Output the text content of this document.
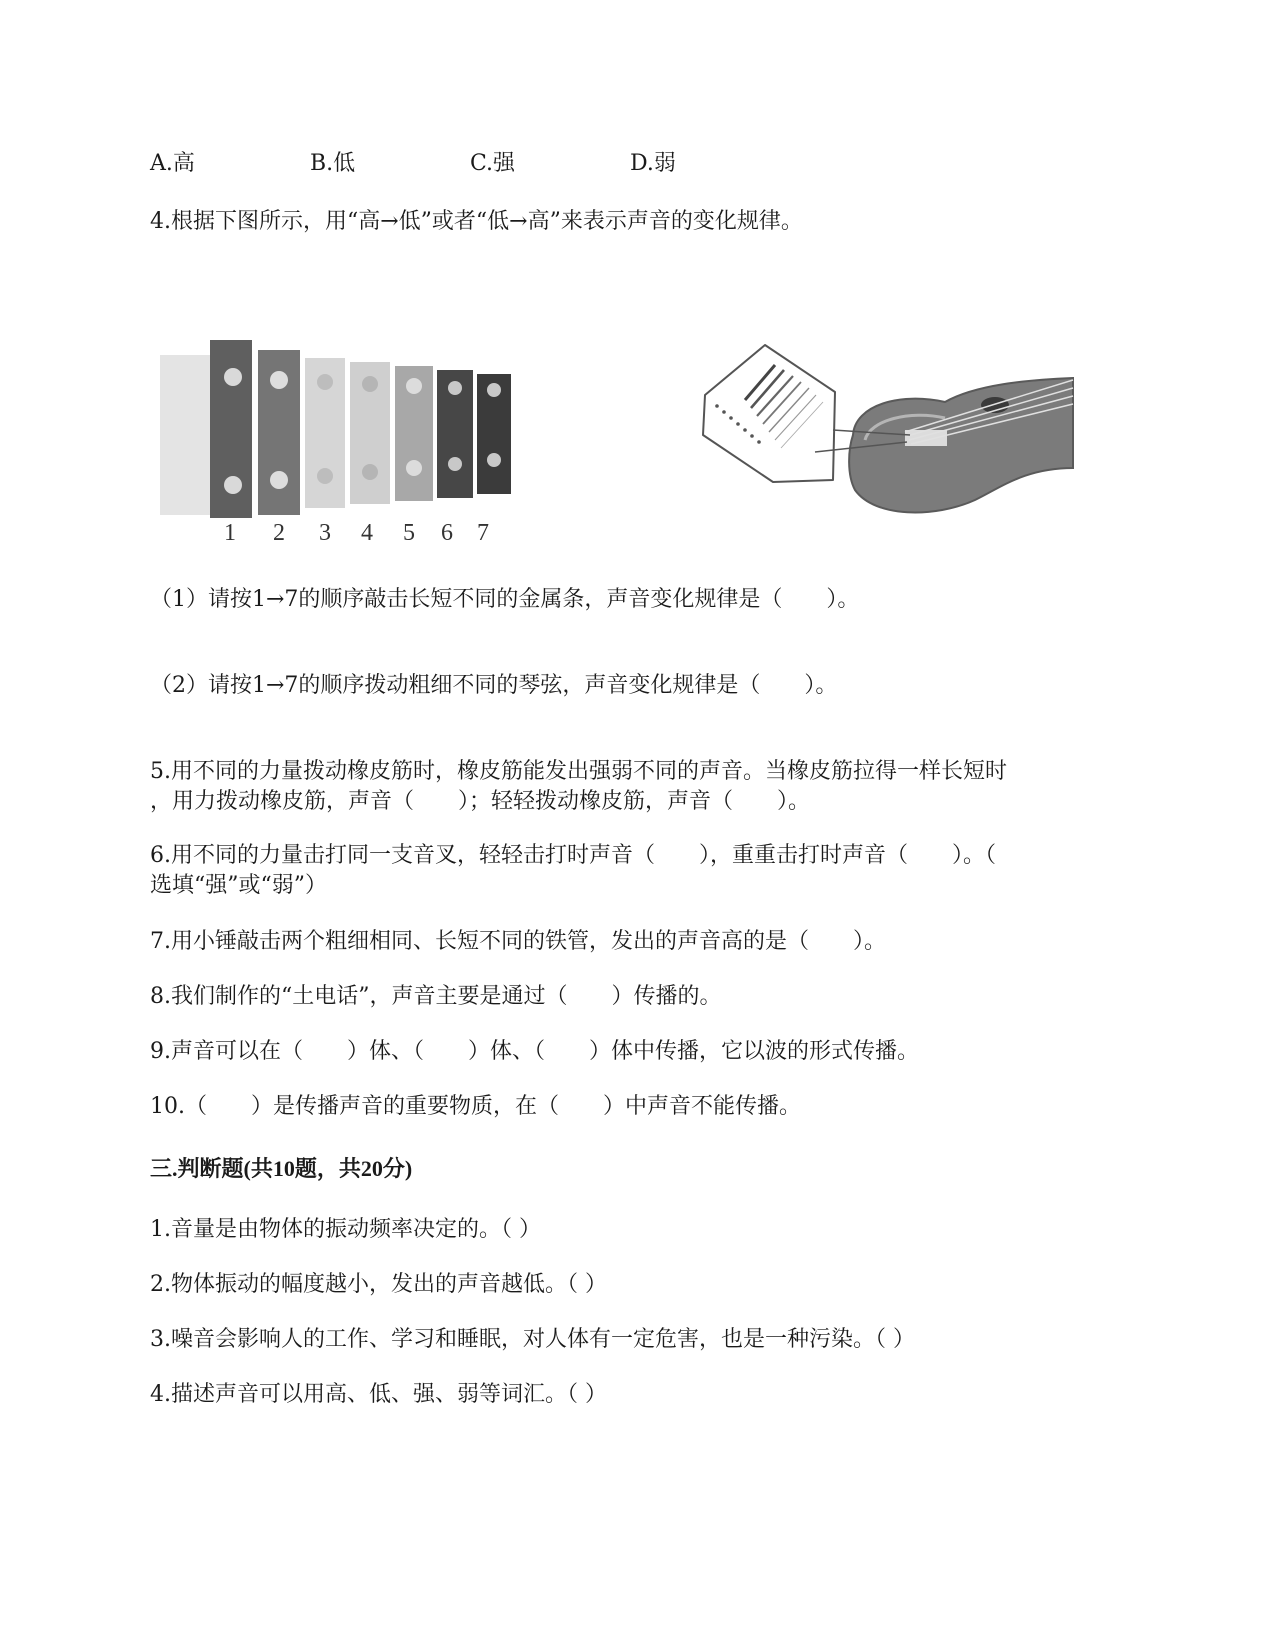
A.高	B.低	C.强	D.弱
4.根据下图所示，用“高→低”或者“低→高”来表示声音的变化规律。
1 2 3 4 5 6 7
（1）请按1→7的顺序敲击长短不同的金属条，声音变化规律是（　　）。
（2）请按1→7的顺序拨动粗细不同的琴弦，声音变化规律是（　　）。
5.用不同的力量拨动橡皮筋时，橡皮筋能发出强弱不同的声音。当橡皮筋拉得一样长短时
，用力拨动橡皮筋，声音（　　）；轻轻拨动橡皮筋，声音（　　）。
6.用不同的力量击打同一支音叉，轻轻击打时声音（　　），重重击打时声音（　　）。（
选填“强”或“弱”）
7.用小锤敲击两个粗细相同、长短不同的铁管，发出的声音高的是（　　）。
8.我们制作的“土电话”，声音主要是通过（　　）传播的。
9.声音可以在（　　）体、（　　）体、（　　）体中传播，它以波的形式传播。
10.（　　）是传播声音的重要物质，在（　　）中声音不能传播。
三.判断题(共10题，共20分)
1.音量是由物体的振动频率决定的。（ ）
2.物体振动的幅度越小，发出的声音越低。（ ）
3.噪音会影响人的工作、学习和睡眠，对人体有一定危害，也是一种污染。（ ）
4.描述声音可以用高、低、强、弱等词汇。（ ）
